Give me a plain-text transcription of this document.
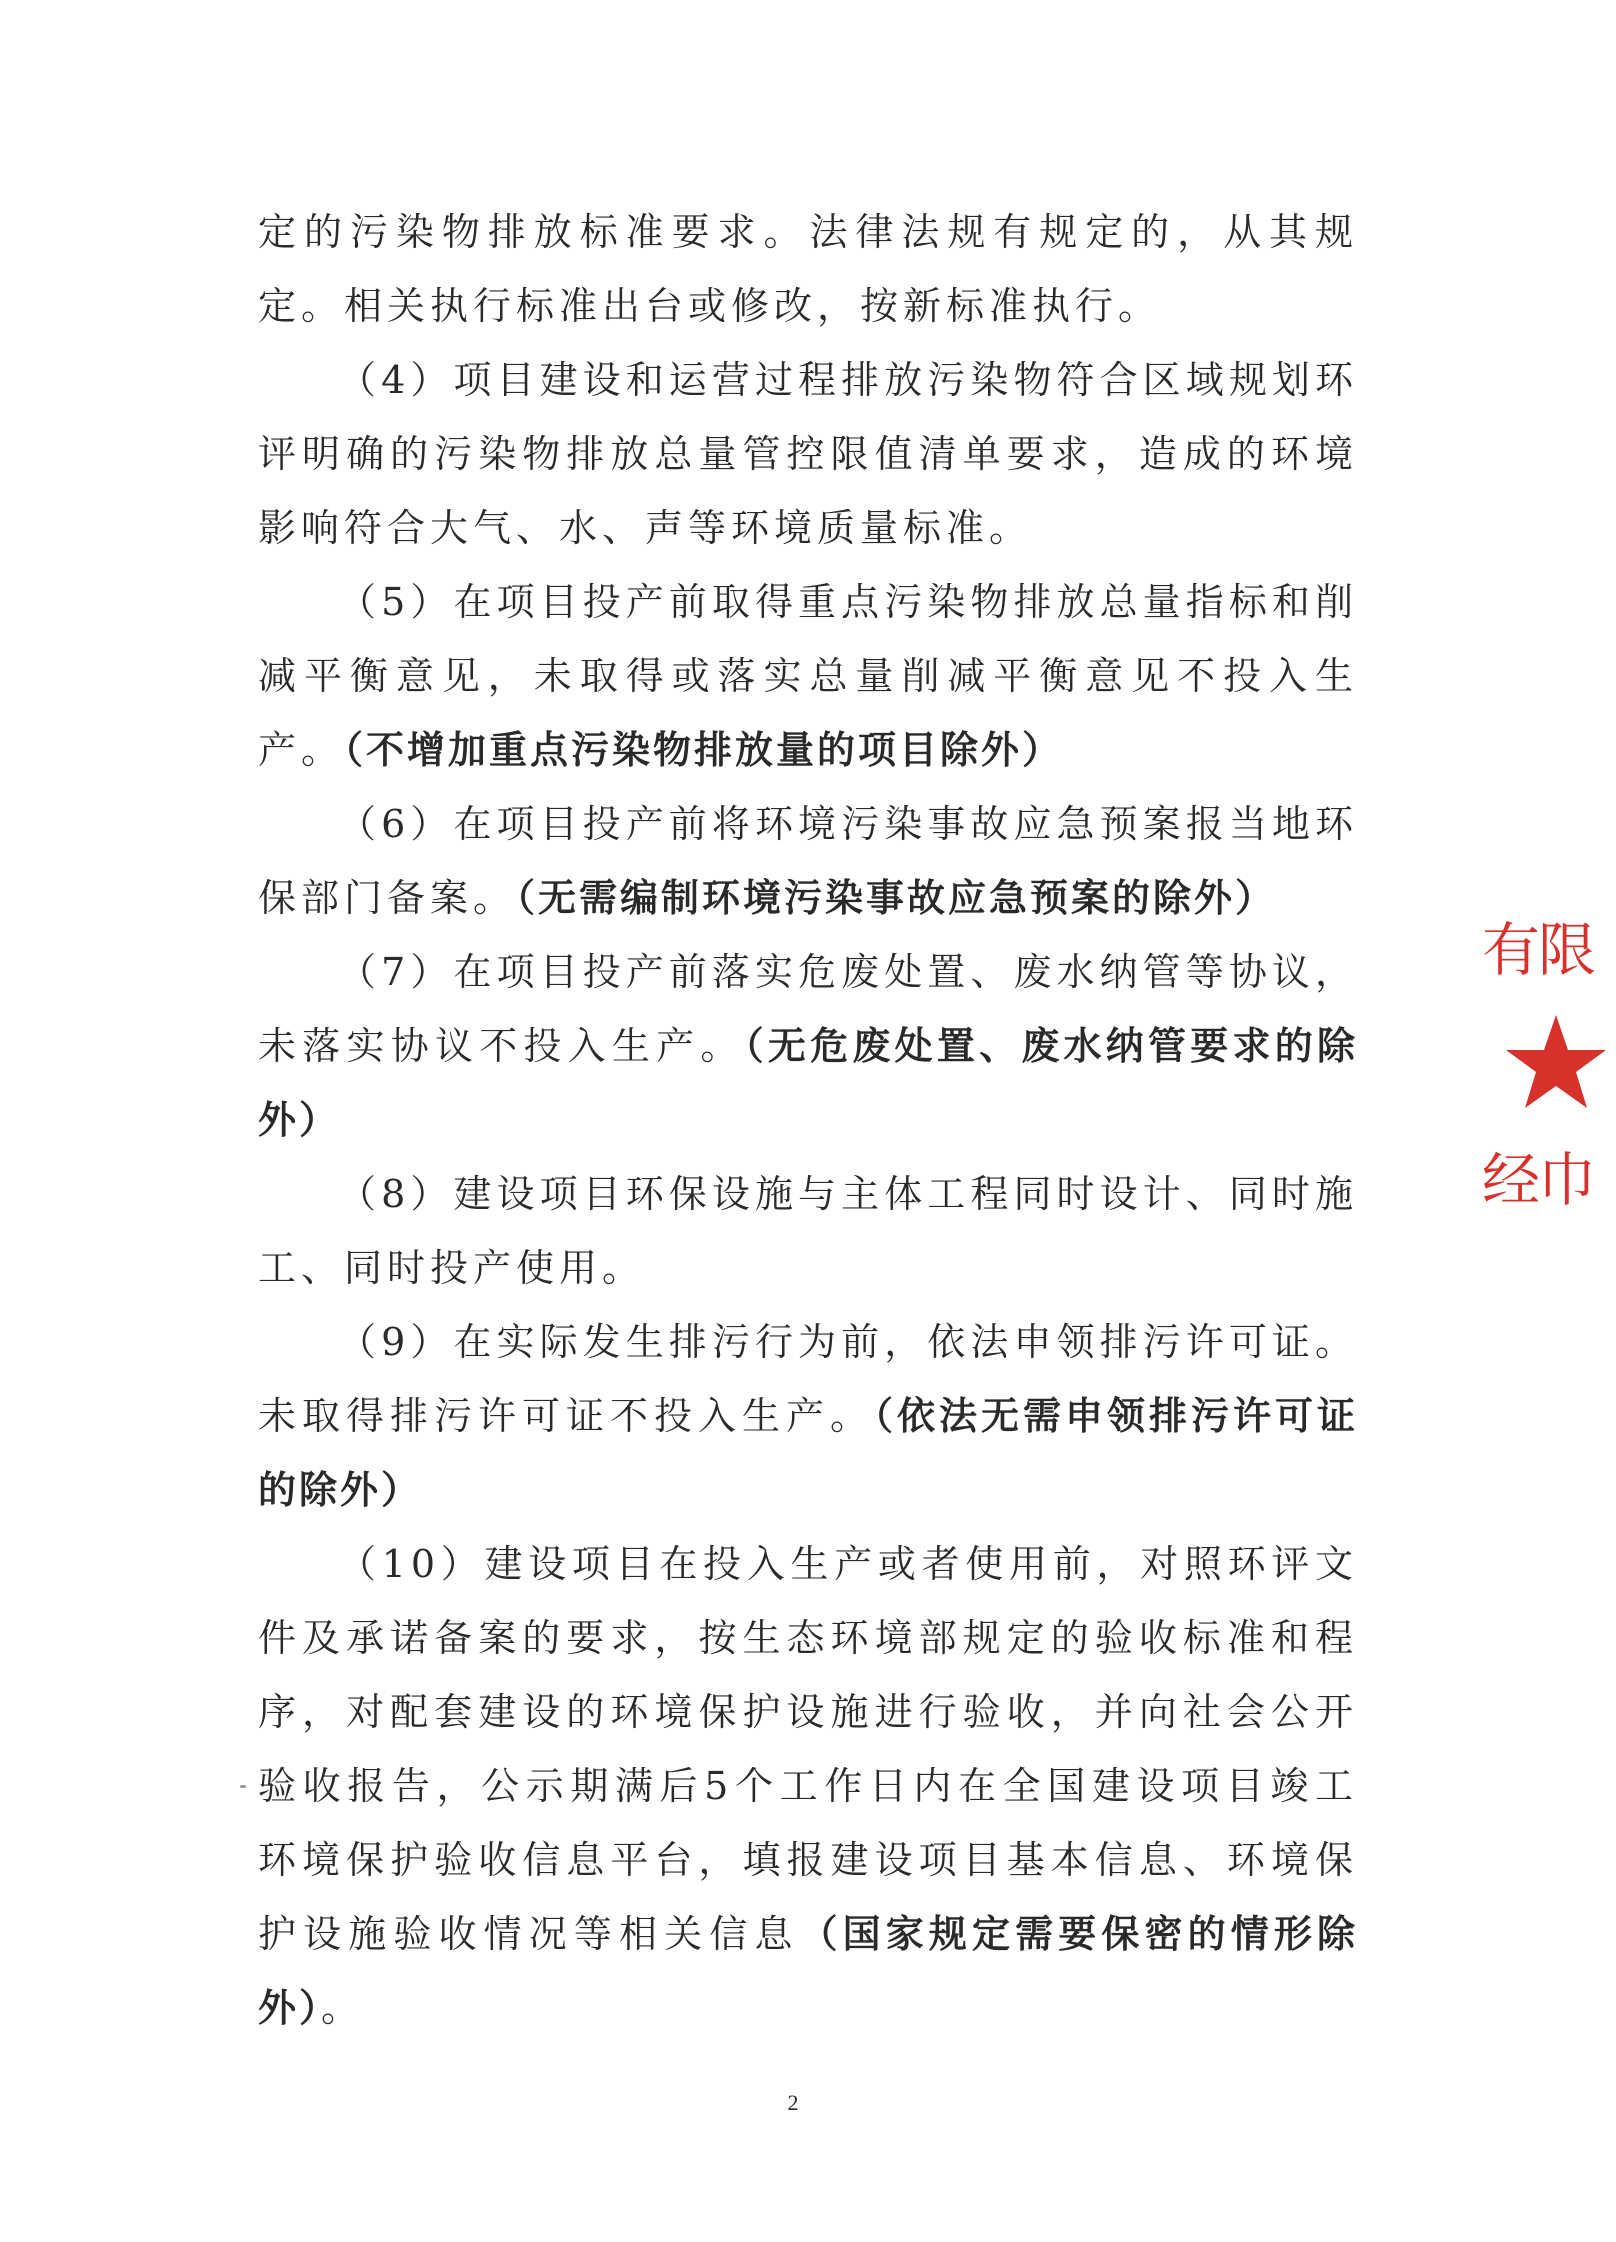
定的污染物排放标准要求。法律法规有规定的，从其规定。相关执行标准出台或修改，按新标准执行。

（4）项目建设和运营过程排放污染物符合区域规划环评明确的污染物排放总量管控限值清单要求，造成的环境影响符合大气、水、声等环境质量标准。

（5）在项目投产前取得重点污染物排放总量指标和削减平衡意见，未取得或落实总量削减平衡意见不投入生产。（不增加重点污染物排放量的项目除外）

（6）在项目投产前将环境污染事故应急预案报当地环保部门备案。（无需编制环境污染事故应急预案的除外）

（7）在项目投产前落实危废处置、废水纳管等协议，未落实协议不投入生产。（无危废处置、废水纳管要求的除外）

（8）建设项目环保设施与主体工程同时设计、同时施工、同时投产使用。

（9）在实际发生排污行为前，依法申领排污许可证。未取得排污许可证不投入生产。（依法无需申领排污许可证的除外）

（10）建设项目在投入生产或者使用前，对照环评文件及承诺备案的要求，按生态环境部规定的验收标准和程序，对配套建设的环境保护设施进行验收，并向社会公开验收报告，公示期满后5个工作日内在全国建设项目竣工环境保护验收信息平台，填报建设项目基本信息、环境保护设施验收情况等相关信息（国家规定需要保密的情形除外）。

有
限
经
巾
2
